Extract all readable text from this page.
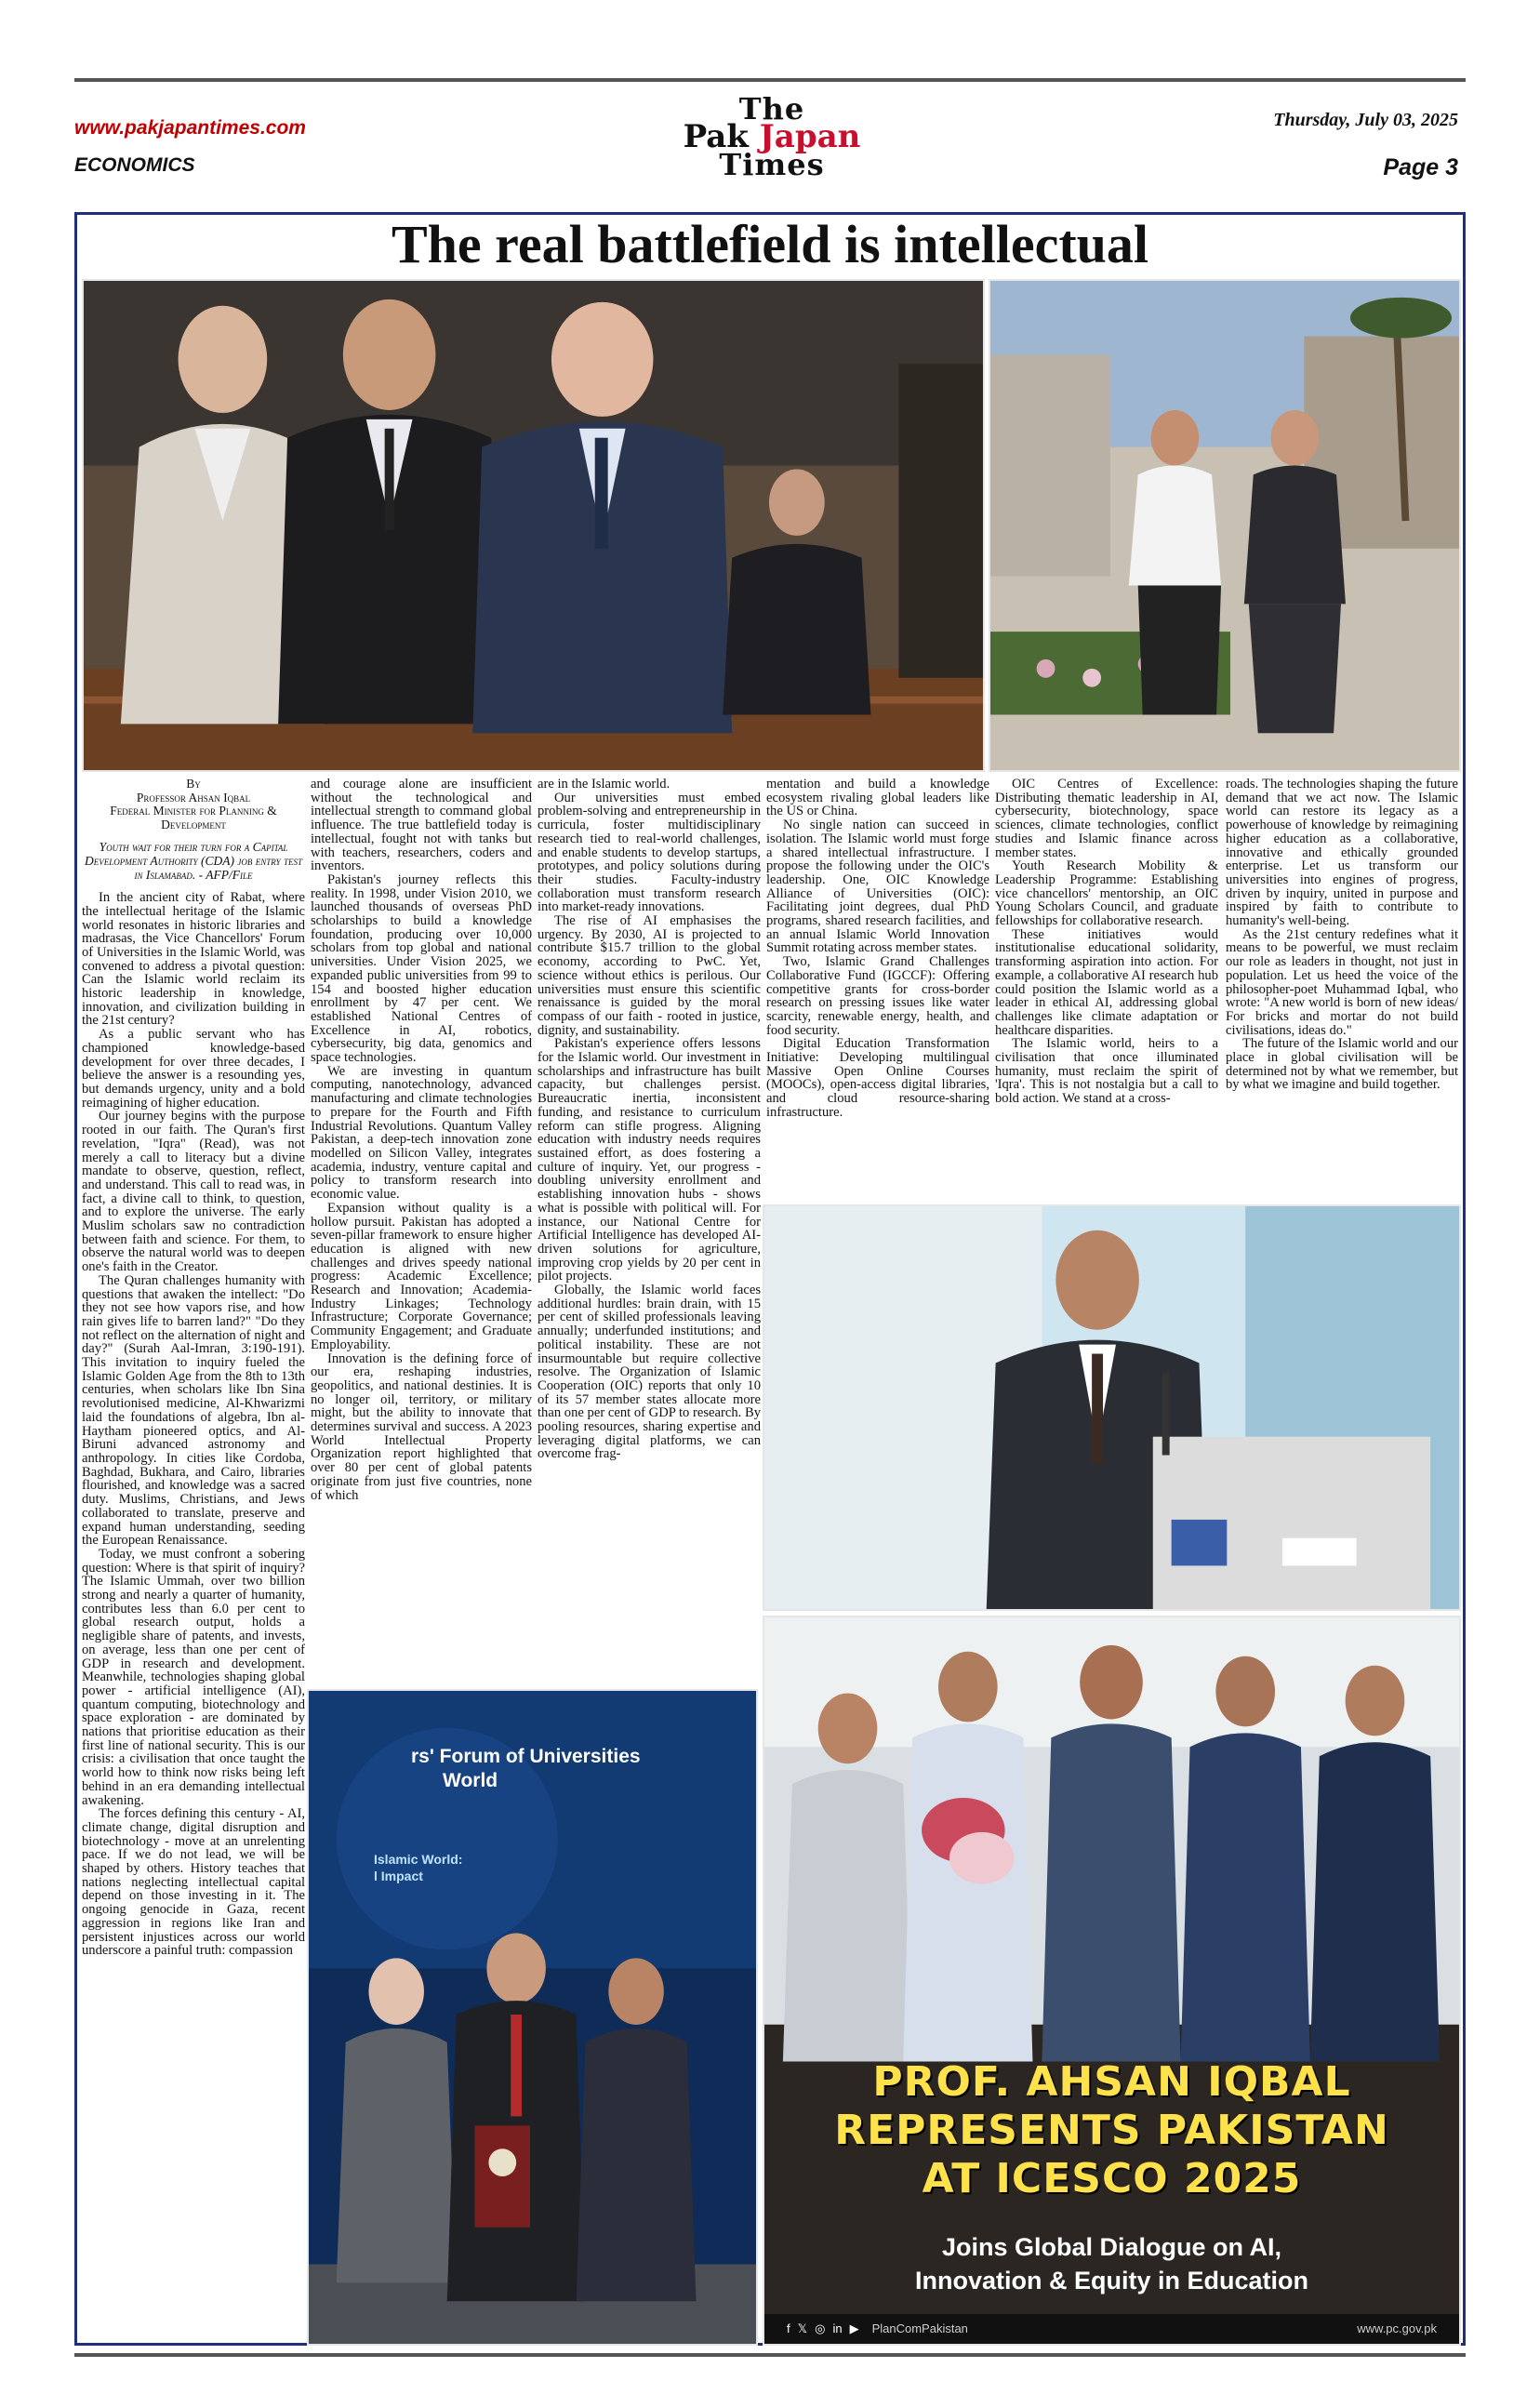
www.pakjapantimes.com
ECONOMICS
Thursday, July 03, 2025
Page 3
The
Pak Japan
Times
The real battlefield is intellectual
By
Professor Ahsan Iqbal
Federal Minister for Planning &
Development
Youth wait for their turn for a Capital Development Authority (CDA) job entry test in Islamabad. - AFP/File

In the ancient city of Rabat, where the intellectual heritage of the Islamic world resonates in historic libraries and madrasas, the Vice Chancellors' Forum of Universities in the Islamic World, was convened to address a pivotal question: Can the Islamic world reclaim its historic leadership in knowledge, innovation, and civilization building in the 21st century?

As a public servant who has championed knowledge-based development for over three decades, I believe the answer is a resounding yes, but demands urgency, unity and a bold reimagining of higher education.

Our journey begins with the purpose rooted in our faith. The Quran's first revelation, "Iqra" (Read), was not merely a call to literacy but a divine mandate to observe, question, reflect, and understand. This call to read was, in fact, a divine call to think, to question, and to explore the universe. The early Muslim scholars saw no contradiction between faith and science. For them, to observe the natural world was to deepen one's faith in the Creator.

The Quran challenges humanity with questions that awaken the intellect: "Do they not see how vapors rise, and how rain gives life to barren land?" "Do they not reflect on the alternation of night and day?" (Surah Aal-Imran, 3:190-191). This invitation to inquiry fueled the Islamic Golden Age from the 8th to 13th centuries, when scholars like Ibn Sina revolutionised medicine, Al-Khwarizmi laid the foundations of algebra, Ibn al-Haytham pioneered optics, and Al-Biruni advanced astronomy and anthropology. In cities like Cordoba, Baghdad, Bukhara, and Cairo, libraries flourished, and knowledge was a sacred duty. Muslims, Christians, and Jews collaborated to translate, preserve and expand human understanding, seeding the European Renaissance.

Today, we must confront a sobering question: Where is that spirit of inquiry? The Islamic Ummah, over two billion strong and nearly a quarter of humanity, contributes less than 6.0 per cent to global research output, holds a negligible share of patents, and invests, on average, less than one per cent of GDP in research and development. Meanwhile, technologies shaping global power - artificial intelligence (AI), quantum computing, biotechnology and space exploration - are dominated by nations that prioritise education as their first line of national security. This is our crisis: a civilisation that once taught the world how to think now risks being left behind in an era demanding intellectual awakening.

The forces defining this century - AI, climate change, digital disruption and biotechnology - move at an unrelenting pace. If we do not lead, we will be shaped by others. History teaches that nations neglecting intellectual capital depend on those investing in it. The ongoing genocide in Gaza, recent aggression in regions like Iran and persistent injustices across our world underscore a painful truth: compassion

and courage alone are insufficient without the technological and intellectual strength to command global influence. The true battlefield today is intellectual, fought not with tanks but with teachers, researchers, coders and inventors.

Pakistan's journey reflects this reality. In 1998, under Vision 2010, we launched thousands of overseas PhD scholarships to build a knowledge foundation, producing over 10,000 scholars from top global and national universities. Under Vision 2025, we expanded public universities from 99 to 154 and boosted higher education enrollment by 47 per cent. We established National Centres of Excellence in AI, robotics, cybersecurity, big data, genomics and space technologies.

We are investing in quantum computing, nanotechnology, advanced manufacturing and climate technologies to prepare for the Fourth and Fifth Industrial Revolutions. Quantum Valley Pakistan, a deep-tech innovation zone modelled on Silicon Valley, integrates academia, industry, venture capital and policy to transform research into economic value.

Expansion without quality is a hollow pursuit. Pakistan has adopted a seven-pillar framework to ensure higher education is aligned with new challenges and drives speedy national progress: Academic Excellence; Research and Innovation; Academia-Industry Linkages; Technology Infrastructure; Corporate Governance; Community Engagement; and Graduate Employability.

Innovation is the defining force of our era, reshaping industries, geopolitics, and national destinies. It is no longer oil, territory, or military might, but the ability to innovate that determines survival and success. A 2023 World Intellectual Property Organization report highlighted that over 80 per cent of global patents originate from just five countries, none of which

are in the Islamic world.

Our universities must embed problem-solving and entrepreneurship in curricula, foster multidisciplinary research tied to real-world challenges, and enable students to develop startups, prototypes, and policy solutions during their studies. Faculty-industry collaboration must transform research into market-ready innovations.

The rise of AI emphasises the urgency. By 2030, AI is projected to contribute $15.7 trillion to the global economy, according to PwC. Yet, science without ethics is perilous. Our universities must ensure this scientific renaissance is guided by the moral compass of our faith - rooted in justice, dignity, and sustainability.

Pakistan's experience offers lessons for the Islamic world. Our investment in scholarships and infrastructure has built capacity, but challenges persist. Bureaucratic inertia, inconsistent funding, and resistance to curriculum reform can stifle progress. Aligning education with industry needs requires sustained effort, as does fostering a culture of inquiry. Yet, our progress - doubling university enrollment and establishing innovation hubs - shows what is possible with political will. For instance, our National Centre for Artificial Intelligence has developed AI-driven solutions for agriculture, improving crop yields by 20 per cent in pilot projects.

Globally, the Islamic world faces additional hurdles: brain drain, with 15 per cent of skilled professionals leaving annually; underfunded institutions; and political instability. These are not insurmountable but require collective resolve. The Organization of Islamic Cooperation (OIC) reports that only 10 of its 57 member states allocate more than one per cent of GDP to research. By pooling resources, sharing expertise and leveraging digital platforms, we can overcome frag-

mentation and build a knowledge ecosystem rivaling global leaders like the US or China.

No single nation can succeed in isolation. The Islamic world must forge a shared intellectual infrastructure. I propose the following under the OIC's leadership. One, OIC Knowledge Alliance of Universities (OIC): Facilitating joint degrees, dual PhD programs, shared research facilities, and an annual Islamic World Innovation Summit rotating across member states.

Two, Islamic Grand Challenges Collaborative Fund (IGCCF): Offering competitive grants for cross-border research on pressing issues like water scarcity, renewable energy, health, and food security.

Digital Education Transformation Initiative: Developing multilingual Massive Open Online Courses (MOOCs), open-access digital libraries, and cloud resource-sharing infrastructure.

OIC Centres of Excellence: Distributing thematic leadership in AI, cybersecurity, biotechnology, space sciences, climate technologies, conflict studies and Islamic finance across member states.

Youth Research Mobility & Leadership Programme: Establishing vice chancellors' mentorship, an OIC Young Scholars Council, and graduate fellowships for collaborative research.

These initiatives would institutionalise educational solidarity, transforming aspiration into action. For example, a collaborative AI research hub could position the Islamic world as a leader in ethical AI, addressing global challenges like climate adaptation or healthcare disparities.

The Islamic world, heirs to a civilisation that once illuminated humanity, must reclaim the spirit of 'Iqra'. This is not nostalgia but a call to bold action. We stand at a cross-

roads. The technologies shaping the future demand that we act now. The Islamic world can restore its legacy as a powerhouse of knowledge by reimagining higher education as a collaborative, innovative and ethically grounded enterprise. Let us transform our universities into engines of progress, driven by inquiry, united in purpose and inspired by faith to contribute to humanity's well-being.

As the 21st century redefines what it means to be powerful, we must reclaim our role as leaders in thought, not just in population. Let us heed the voice of the philosopher-poet Muhammad Iqbal, who wrote: "A new world is born of new ideas/ For bricks and mortar do not build civilisations, ideas do."

The future of the Islamic world and our place in global civilisation will be determined not by what we remember, but by what we imagine and build together.

rs' Forum of Universities
World
Islamic World:
l Impact
PROF. AHSAN IQBAL
REPRESENTS PAKISTAN
AT ICESCO 2025
Joins Global Dialogue on AI,
Innovation & Equity in Education
f 𝕏 ◎ in ▶ PlanComPakistan	www.pc.gov.pk
